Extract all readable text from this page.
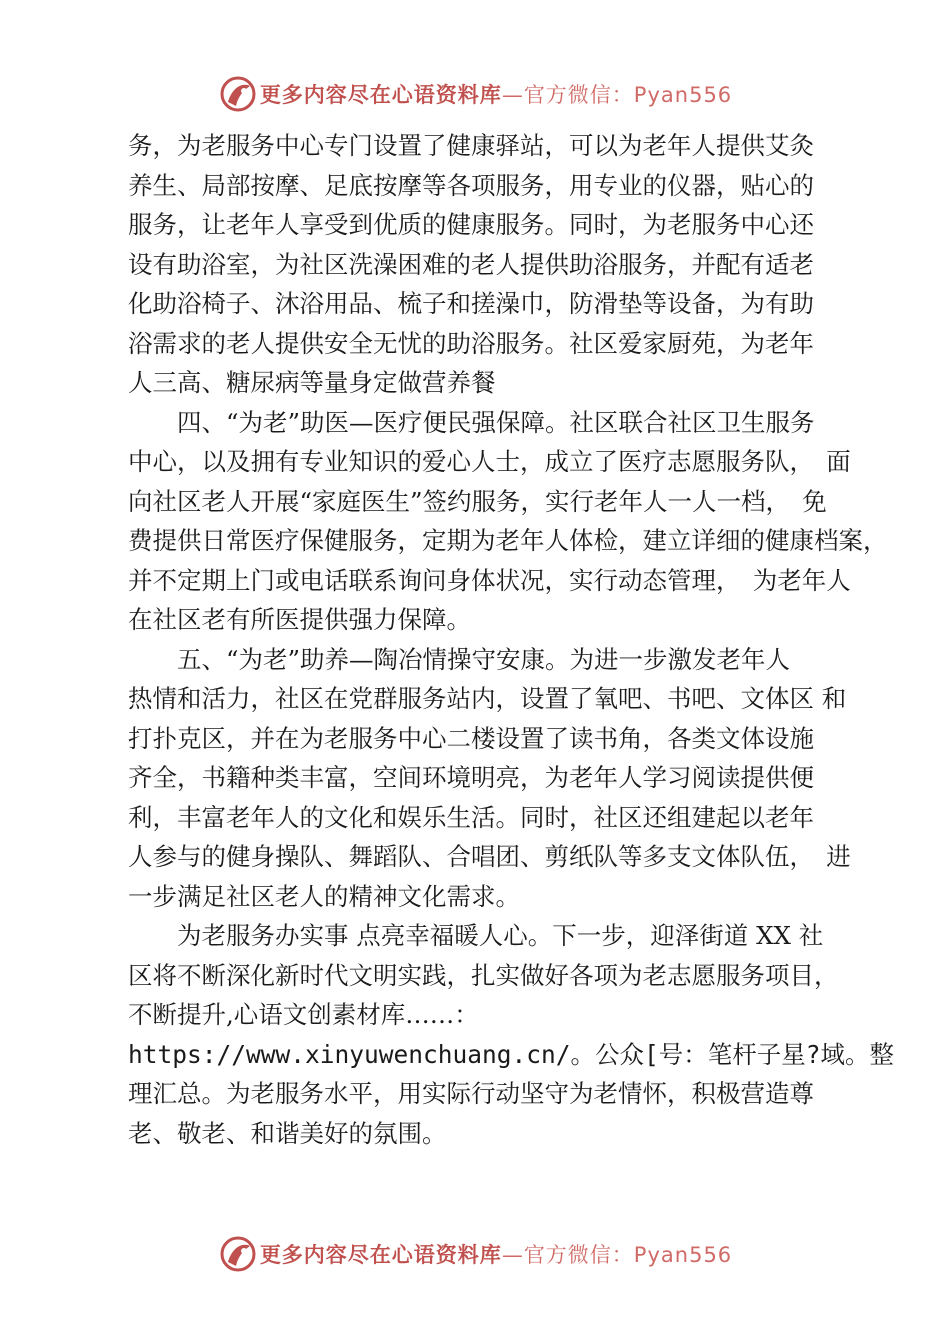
更多内容尽在心语资料库—官方微信：Pyan556
务，为老服务中心专门设置了健康驿站，可以为老年人提供艾灸
养生、局部按摩、足底按摩等各项服务，用专业的仪器，贴心的
服务，让老年人享受到优质的健康服务。同时，为老服务中心还
设有助浴室，为社区洗澡困难的老人提供助浴服务，并配有适老
化助浴椅子、沐浴用品、梳子和搓澡巾，防滑垫等设备，为有助
浴需求的老人提供安全无忧的助浴服务。社区爱家厨苑，为老年
人三高、糖尿病等量身定做营养餐
　　四、“为老”助医—医疗便民强保障。社区联合社区卫生服务
中心，以及拥有专业知识的爱心人士，成立了医疗志愿服务队，　面
向社区老人开展“家庭医生”签约服务，实行老年人一人一档，　免
费提供日常医疗保健服务，定期为老年人体检，建立详细的健康档案，
并不定期上门或电话联系询问身体状况，实行动态管理，　为老年人
在社区老有所医提供强力保障。
　　五、“为老”助养—陶冶情操守安康。为进一步激发老年人
热情和活力，社区在党群服务站内，设置了氧吧、书吧、文体区 和
打扑克区，并在为老服务中心二楼设置了读书角，各类文体设施
齐全，书籍种类丰富，空间环境明亮，为老年人学习阅读提供便
利，丰富老年人的文化和娱乐生活。同时，社区还组建起以老年
人参与的健身操队、舞蹈队、合唱团、剪纸队等多支文体队伍，　进
一步满足社区老人的精神文化需求。
　　为老服务办实事 点亮幸福暖人心。下一步，迎泽街道 XX 社
区将不断深化新时代文明实践，扎实做好各项为老志愿服务项目，
不断提升,心语文创素材库……：
https://www.xinyuwenchuang.cn/。公众[号：笔杆子星?域。整
理汇总。为老服务水平，用实际行动坚守为老情怀，积极营造尊
老、敬老、和谐美好的氛围。
更多内容尽在心语资料库—官方微信：Pyan556
